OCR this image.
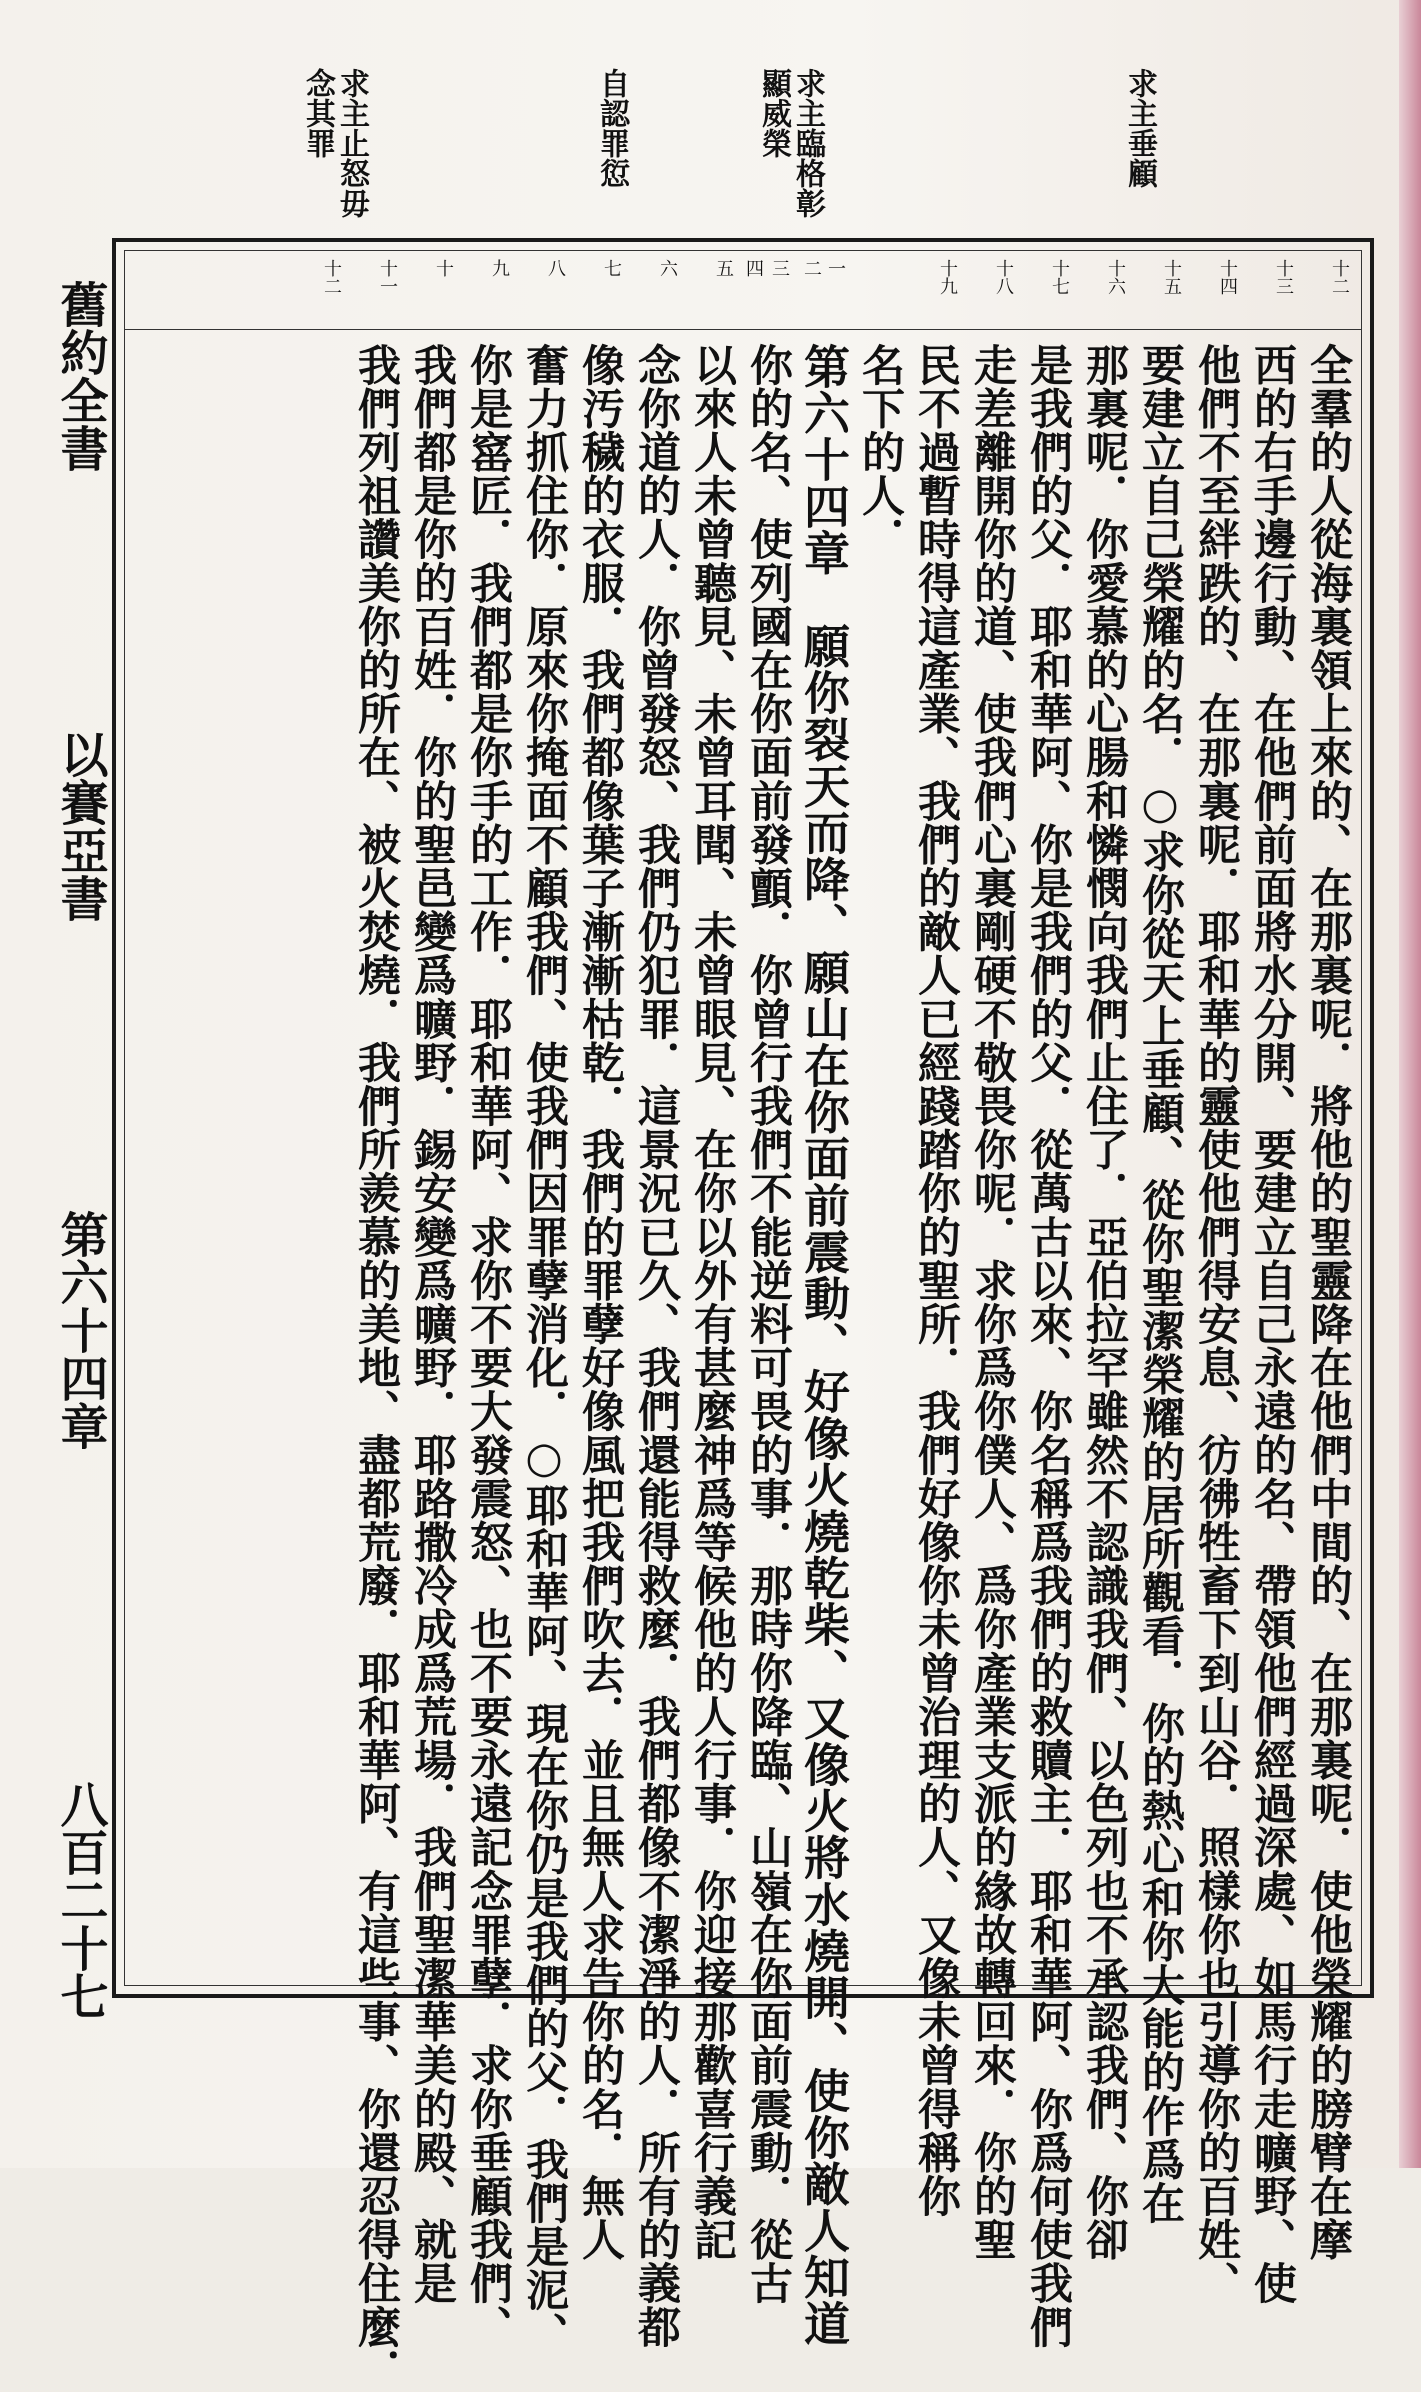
求主垂顧
求主臨格彰顯威榮
自認罪愆
求主止怒毋念其罪
舊約全書
以賽亞書
第六十四章
八百二十七
十二
十三
十四
十五
十六
十七
十八
十九
一
二
三
四
五
六
七
八
九
十
十一
十二
全羣的人從海裏領上來的、在那裏呢．將他的聖靈降在他們中間的、在那裏呢．使他榮耀的膀臂在摩
西的右手邊行動、在他們前面將水分開、要建立自己永遠的名、帶領他們經過深處、如馬行走曠野、使
他們不至絆跌的、在那裏呢．耶和華的靈使他們得安息、彷彿牲畜下到山谷．照樣你也引導你的百姓、
要建立自己榮耀的名．○求你從天上垂顧、從你聖潔榮耀的居所觀看．你的熱心和你大能的作爲在
那裏呢．你愛慕的心腸和憐憫向我們止住了．亞伯拉罕雖然不認識我們、以色列也不承認我們、你卻
是我們的父．耶和華阿、你是我們的父．從萬古以來、你名稱爲我們的救贖主．耶和華阿、你爲何使我們
走差離開你的道、使我們心裏剛硬不敬畏你呢．求你爲你僕人、爲你產業支派的緣故轉回來．你的聖
民不過暫時得這產業、我們的敵人已經踐踏你的聖所．我們好像你未曾治理的人、又像未曾得稱你
名下的人．
第六十四章　願你裂天而降、願山在你面前震動、好像火燒乾柴、又像火將水燒開、使你敵人知道
你的名、使列國在你面前發顫．你曾行我們不能逆料可畏的事．那時你降臨、山嶺在你面前震動．從古
以來人未曾聽見、未曾耳聞、未曾眼見、在你以外有甚麼神爲等候他的人行事．你迎接那歡喜行義記
念你道的人．你曾發怒、我們仍犯罪．這景況已久、我們還能得救麼．我們都像不潔淨的人．所有的義都
像汚穢的衣服．我們都像葉子漸漸枯乾．我們的罪孽好像風把我們吹去．並且無人求告你的名．無人
奮力抓住你．原來你掩面不顧我們、使我們因罪孽消化．○耶和華阿、現在你仍是我們的父．我們是泥、
你是窰匠．我們都是你手的工作．耶和華阿、求你不要大發震怒、也不要永遠記念罪孽．求你垂顧我們、
我們都是你的百姓．你的聖邑變爲曠野．錫安變爲曠野．耶路撒冷成爲荒場．我們聖潔華美的殿、就是
我們列祖讚美你的所在、被火焚燒．我們所羨慕的美地、盡都荒廢．耶和華阿、有這些事、你還忍得住麼．
